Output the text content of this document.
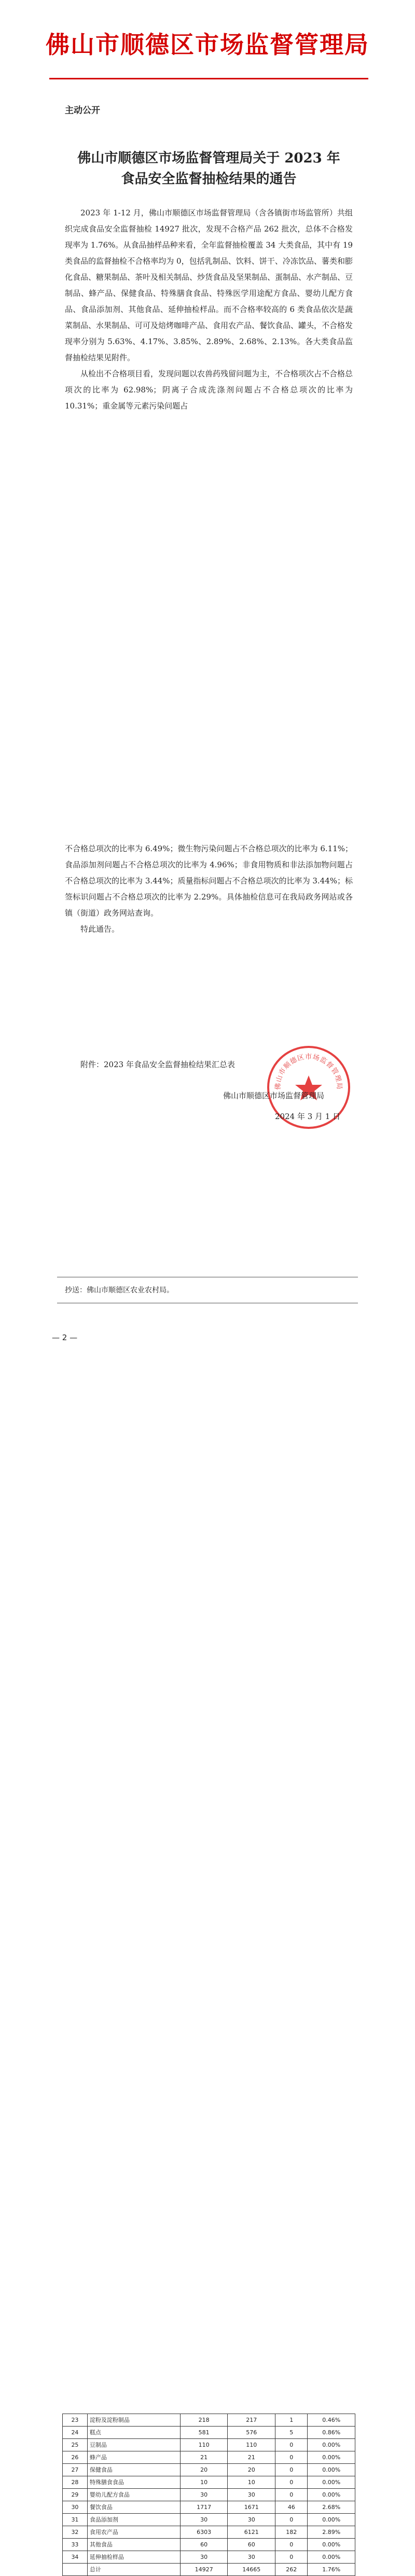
佛山市顺德区市场监督管理局
主动公开
佛山市顺德区市场监督管理局关于 2023 年
食品安全监督抽检结果的通告

2023 年 1-12 月，佛山市顺德区市场监督管理局（含各镇街市场监管所）共组织完成食品安全监督抽检 14927 批次，发现不合格产品 262 批次，总体不合格发现率为 1.76%。从食品抽样品种来看，全年监督抽检覆盖 34 大类食品，其中有 19 类食品的监督抽检不合格率均为 0，包括乳制品、饮料、饼干、冷冻饮品、薯类和膨化食品、糖果制品、茶叶及相关制品、炒货食品及坚果制品、蛋制品、水产制品、豆制品、蜂产品、保健食品、特殊膳食食品、特殊医学用途配方食品、婴幼儿配方食品、食品添加剂、其他食品、延伸抽检样品。而不合格率较高的 6 类食品依次是蔬菜制品、水果制品、可可及焙烤咖啡产品、食用农产品、餐饮食品、罐头，不合格发现率分别为 5.63%、4.17%、3.85%、2.89%、2.68%、2.13%。各大类食品监督抽检结果见附件。

从检出不合格项目看，发现问题以农兽药残留问题为主，不合格项次占不合格总项次的比率为 62.98%；阴离子合成洗涤剂问题占不合格总项次的比率为 10.31%；重金属等元素污染问题占

不合格总项次的比率为 6.49%；微生物污染问题占不合格总项次的比率为 6.11%；食品添加剂问题占不合格总项次的比率为 4.96%；非食用物质和非法添加物问题占不合格总项次的比率为 3.44%；质量指标问题占不合格总项次的比率为 3.44%；标签标识问题占不合格总项次的比率为 2.29%。具体抽检信息可在我局政务网站或各镇（街道）政务网站查询。

特此通告。

附件：2023 年食品安全监督抽检结果汇总表
佛山市顺德区市场监督管理局
佛山市顺德区市场监督管理局
2024 年 3 月 1 日
抄送：佛山市顺德区农业农村局。
— 2 —

23	淀粉及淀粉制品	218	217	1	0.46%
24	糕点	581	576	5	0.86%
25	豆制品	110	110	0	0.00%
26	蜂产品	21	21	0	0.00%
27	保健食品	20	20	0	0.00%
28	特殊膳食食品	10	10	0	0.00%
29	婴幼儿配方食品	30	30	0	0.00%
30	餐饮食品	1717	1671	46	2.68%
31	食品添加剂	30	30	0	0.00%
32	食用农产品	6303	6121	182	2.89%
33	其他食品	60	60	0	0.00%
34	延伸抽检样品	30	30	0	0.00%
	总计	14927	14665	262	1.76%
